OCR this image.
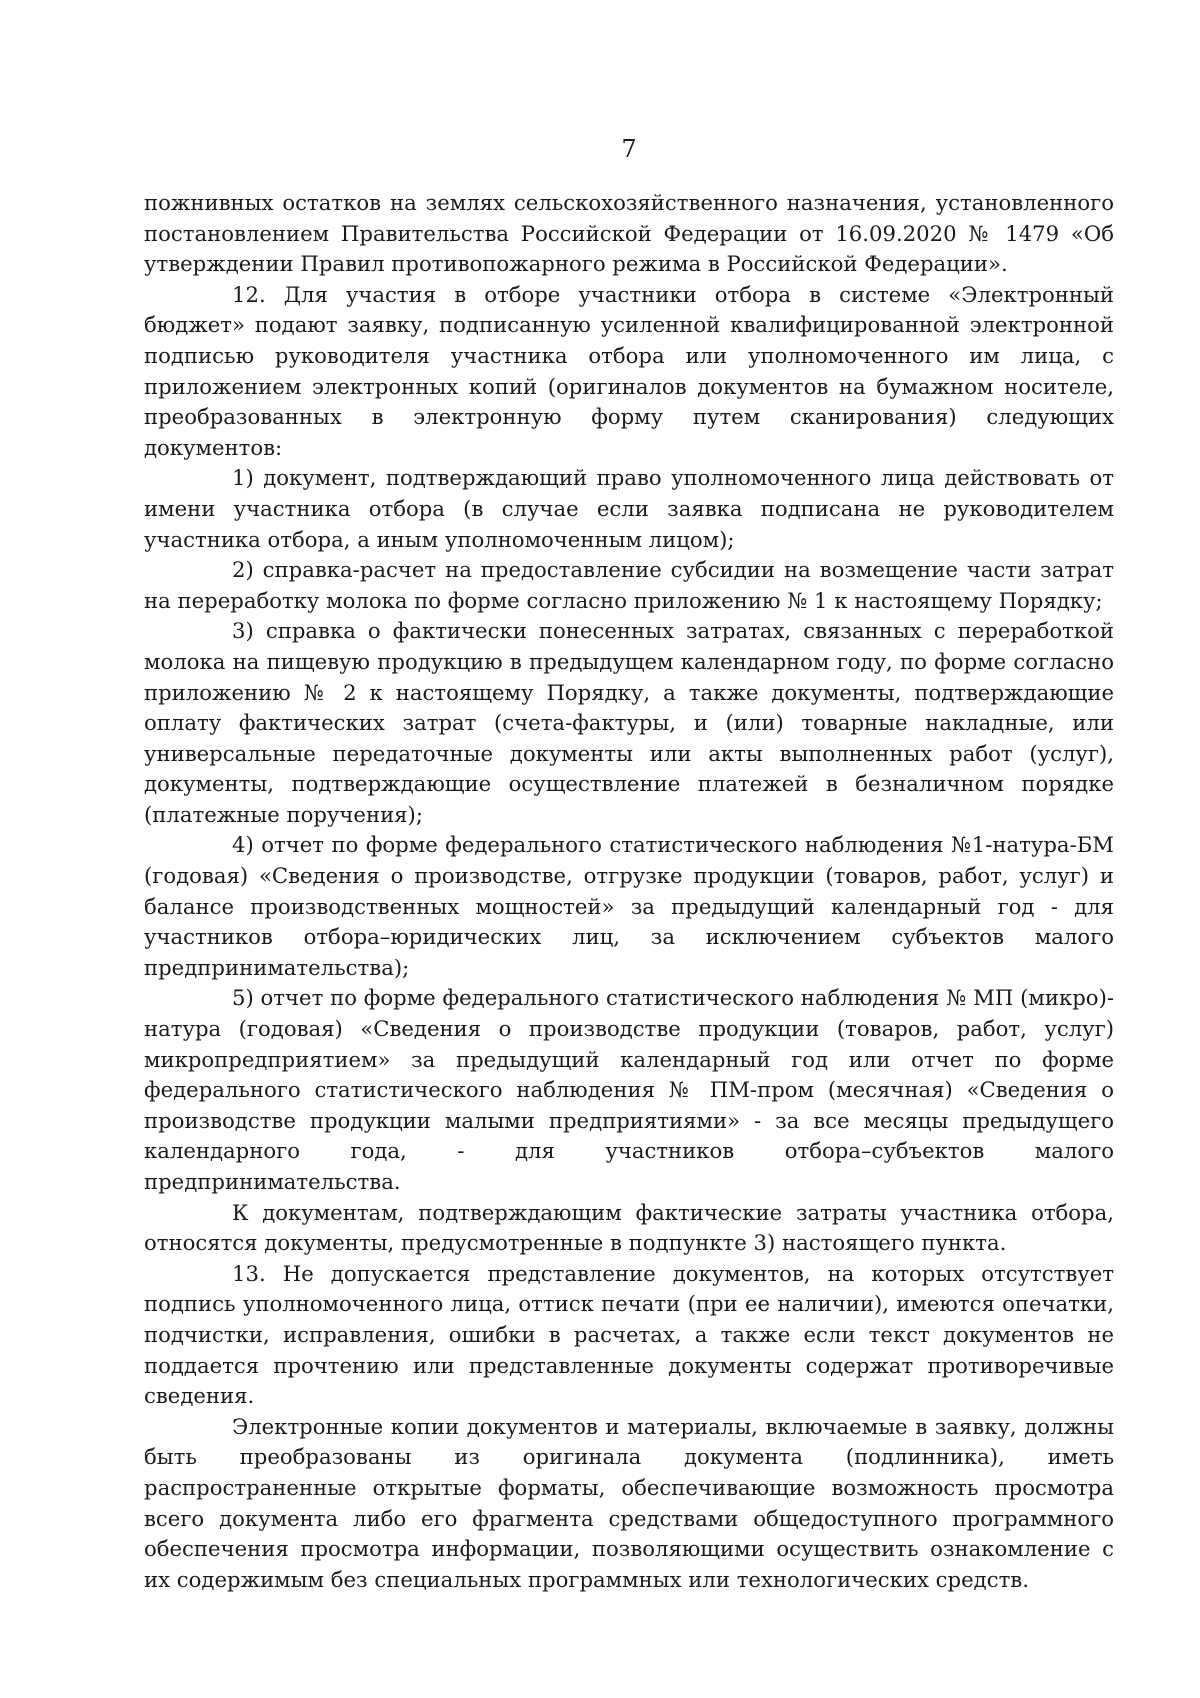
7

пожнивных остатков на землях сельскохозяйственного назначения, установленного постановлением Правительства Российской Федерации от 16.09.2020 № 1479 «Об утверждении Правил противопожарного режима в Российской Федерации».

12. Для участия в отборе участники отбора в системе «Электронный бюджет» подают заявку, подписанную усиленной квалифицированной электронной подписью руководителя участника отбора или уполномоченного им лица, с приложением электронных копий (оригиналов документов на бумажном носителе, преобразованных в электронную форму путем сканирования) следующих документов:

1) документ, подтверждающий право уполномоченного лица действовать от имени участника отбора (в случае если заявка подписана не руководителем участника отбора, а иным уполномоченным лицом);

2) справка-расчет на предоставление субсидии на возмещение части затрат на переработку молока по форме согласно приложению № 1 к настоящему Порядку;

3) справка о фактически понесенных затратах, связанных с переработкой молока на пищевую продукцию в предыдущем календарном году, по форме согласно приложению № 2 к настоящему Порядку, а также документы, подтверждающие оплату фактических затрат (счета-фактуры, и (или) товарные накладные, или универсальные передаточные документы или акты выполненных работ (услуг), документы, подтверждающие осуществление платежей в безналичном порядке (платежные поручения);

4) отчет по форме федерального статистического наблюдения №1-натура-БМ (годовая) «Сведения о производстве, отгрузке продукции (товаров, работ, услуг) и балансе производственных мощностей» за предыдущий календарный год - для участников отбора–юридических лиц, за исключением субъектов малого предпринимательства);

5) отчет по форме федерального статистического наблюдения № МП (микро)-натура (годовая) «Сведения о производстве продукции (товаров, работ, услуг) микропредприятием» за предыдущий календарный год или отчет по форме федерального статистического наблюдения № ПМ-пром (месячная) «Сведения о производстве продукции малыми предприятиями» - за все месяцы предыдущего календарного года, - для участников отбора–субъектов малого предпринимательства.

К документам, подтверждающим фактические затраты участника отбора, относятся документы, предусмотренные в подпункте 3) настоящего пункта.

13. Не допускается представление документов, на которых отсутствует подпись уполномоченного лица, оттиск печати (при ее наличии), имеются опечатки, подчистки, исправления, ошибки в расчетах, а также если текст документов не поддается прочтению или представленные документы содержат противоречивые сведения.

Электронные копии документов и материалы, включаемые в заявку, должны быть преобразованы из оригинала документа (подлинника), иметь распространенные открытые форматы, обеспечивающие возможность просмотра всего документа либо его фрагмента средствами общедоступного программного обеспечения просмотра информации, позволяющими осуществить ознакомление с их содержимым без специальных программных или технологических средств.
